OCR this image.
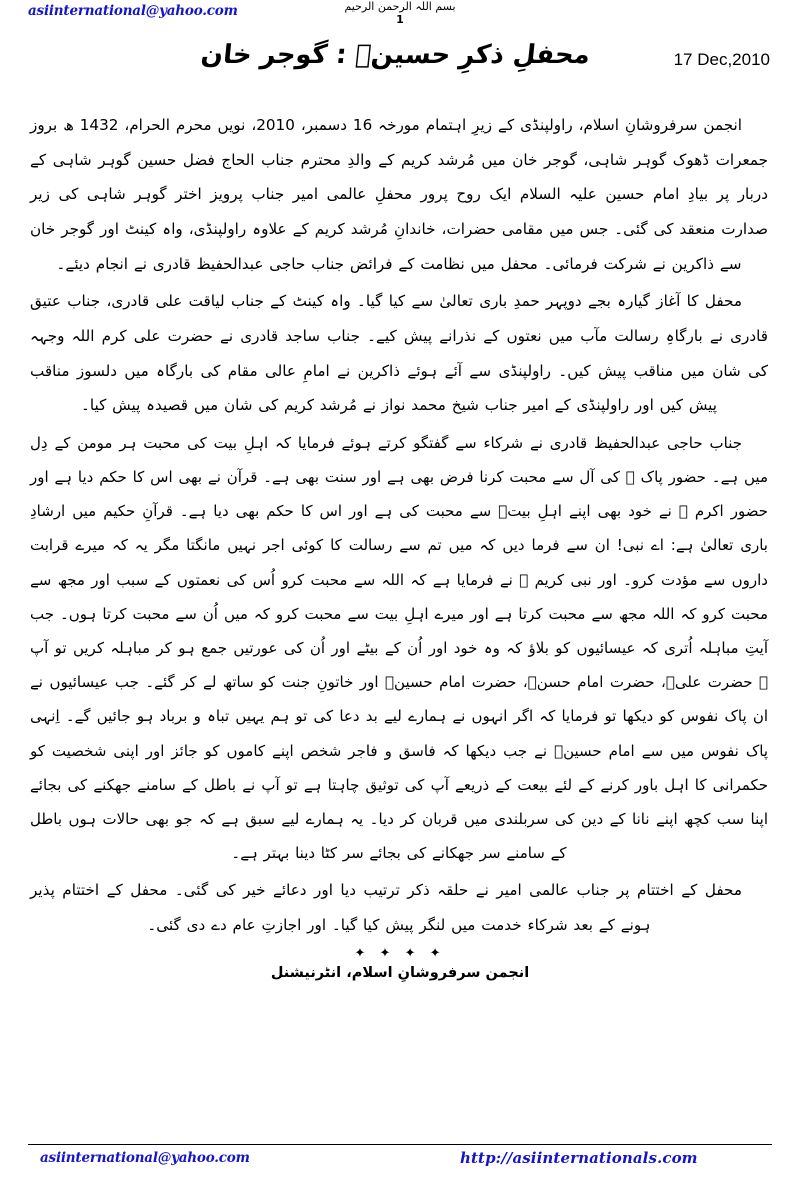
asiinternational@yahoo.com	بسم اللہ الرحمن الرحیم
1
محفلِ ذکرِ حسینؑ : گوجر خان	17 Dec,2010

انجمن سرفروشانِ اسلام، راولپنڈی کے زیرِ اہتمام مورخہ 16 دسمبر، 2010، نویں محرم الحرام، 1432 ھ بروز جمعرات ڈھوک گوہر شاہی، گوجر خان میں مُرشد کریم کے والدِ محترم جناب الحاج فضل حسین گوہر شاہی کے دربار پر بیادِ امام حسین علیہ السلام ایک روح پرور محفلِ عالمی امیر جناب پرویز اختر گوہر شاہی کی زیر صدارت منعقد کی گئی۔ جس میں مقامی حضرات، خاندانِ مُرشد کریم کے علاوہ راولپنڈی، واہ کینٹ اور گوجر خان سے ذاکرین نے شرکت فرمائی۔ محفل میں نظامت کے فرائض جناب حاجی عبدالحفیظ قادری نے انجام دیئے۔

محفل کا آغاز گیارہ بجے دوپہر حمدِ باری تعالیٰ سے کیا گیا۔ واہ کینٹ کے جناب لیاقت علی قادری، جناب عتیق قادری نے بارگاہِ رسالت مآب میں نعتوں کے نذرانے پیش کیے۔ جناب ساجد قادری نے حضرت علی کرم اللہ وجہہ کی شان میں مناقب پیش کیں۔ راولپنڈی سے آئے ہوئے ذاکرین نے امامِ عالی مقام کی بارگاہ میں دلسوز مناقب پیش کیں اور راولپنڈی کے امیر جناب شیخ محمد نواز نے مُرشد کریم کی شان میں قصیدہ پیش کیا۔

جناب حاجی عبدالحفیظ قادری نے شرکاء سے گفتگو کرتے ہوئے فرمایا کہ اہلِ بیت کی محبت ہر مومن کے دِل میں ہے۔ حضور پاک ﷺ کی آل سے محبت کرنا فرض بھی ہے اور سنت بھی ہے۔ قرآن نے بھی اس کا حکم دیا ہے اور حضور اکرم ﷺ نے خود بھی اپنے اہلِ بیتؑ سے محبت کی ہے اور اس کا حکم بھی دیا ہے۔ قرآنِ حکیم میں ارشادِ باری تعالیٰ ہے: اے نبی! ان سے فرما دیں کہ میں تم سے رسالت کا کوئی اجر نہیں مانگتا مگر یہ کہ میرے قرابت داروں سے مؤدت کرو۔ اور نبی کریم ﷺ نے فرمایا ہے کہ اللہ سے محبت کرو اُس کی نعمتوں کے سبب اور مجھ سے محبت کرو کہ اللہ مجھ سے محبت کرتا ہے اور میرے اہلِ بیت سے محبت کرو کہ میں اُن سے محبت کرتا ہوں۔ جب آیتِ مباہلہ اُتری کہ عیسائیوں کو بلاؤ کہ وہ خود اور اُن کے بیٹے اور اُن کی عورتیں جمع ہو کر مباہلہ کریں تو آپ ﷺ حضرت علیؑ، حضرت امام حسنؑ، حضرت امام حسینؑ اور خاتونِ جنت کو ساتھ لے کر گئے۔ جب عیسائیوں نے ان پاک نفوس کو دیکھا تو فرمایا کہ اگر انہوں نے ہمارے لیے بد دعا کی تو ہم یہیں تباہ و برباد ہو جائیں گے۔ اِنہی پاک نفوس میں سے امام حسینؑ نے جب دیکھا کہ فاسق و فاجر شخص اپنے کاموں کو جائز اور اپنی شخصیت کو حکمرانی کا اہل باور کرنے کے لئے بیعت کے ذریعے آپ کی توثیق چاہتا ہے تو آپ نے باطل کے سامنے جھکنے کی بجائے اپنا سب کچھ اپنے نانا کے دین کی سربلندی میں قربان کر دیا۔ یہ ہمارے لیے سبق ہے کہ جو بھی حالات ہوں باطل کے سامنے سر جھکانے کی بجائے سر کٹا دینا بہتر ہے۔

محفل کے اختتام پر جناب عالمی امیر نے حلقہ ذکر ترتیب دیا اور دعائے خیر کی گئی۔ محفل کے اختتام پذیر ہونے کے بعد شرکاء خدمت میں لنگر پیش کیا گیا۔ اور اجازتِ عام دے دی گئی۔

✦ ✦ ✦ ✦
انجمن سرفروشانِ اسلام، انٹرنیشنل
asiinternational@yahoo.com	http://asiinternationals.com
